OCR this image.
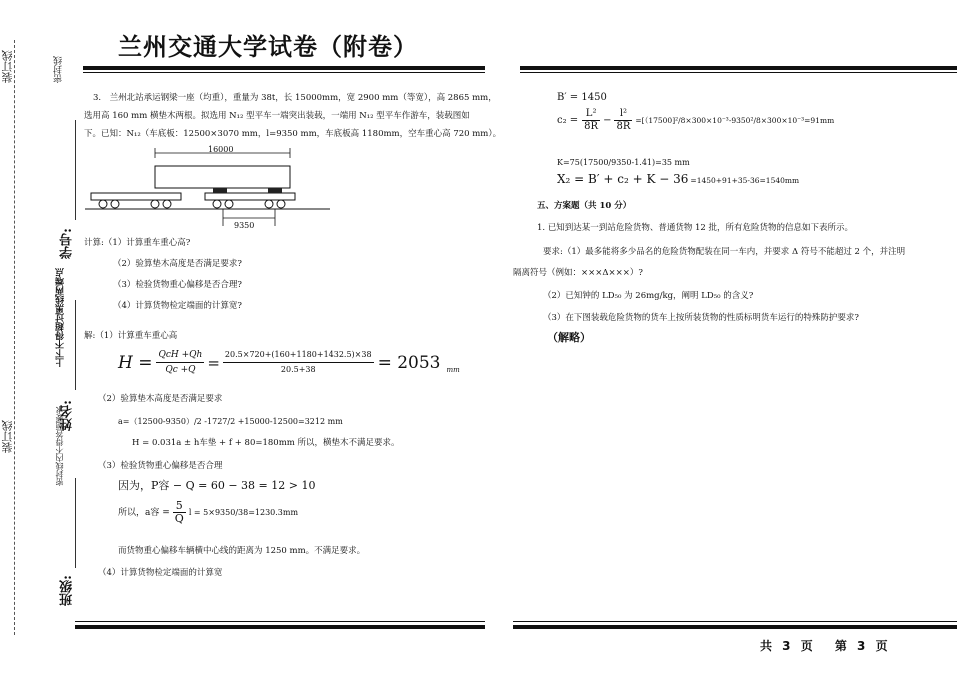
装订线
装订线
密封线
学号:
上下不得超过黑线两端点
密封线内不得答题要求
姓名:
班级:
兰州交通大学试卷（附卷）
3.　兰州北站承运钢梁一座（均重），重量为 38t，长 15000mm，宽 2900 mm（等宽），高 2865 mm，
选用高 160 mm 横垫木两根。拟选用 N₁₂ 型平车一端突出装载，一端用 N₁₂ 型平车作游车，装载图如
下。已知：N₁₂（车底板：12500×3070 mm，l=9350 mm，车底板高 1180mm，空车重心高 720 mm）。
16000
9350
计算:（1）计算重车重心高?
（2）验算垫木高度是否满足要求?
（3）检验货物重心偏移是否合理?
（4）计算货物检定端面的计算宽?
解:（1）计算重车重心高
$H = \frac{\text{QcH +Qh}}{Qc +Q} = \frac{20.5\times 720+(160+1180+1432.5)\times 38}{20.5+38} = 2053$ mm
（2）验算垫木高度是否满足要求
a=（12500-9350）/2 -1727/2 +15000-12500=3212 mm
H = 0.031a ± h车垫 + f + 80=180mm 所以，横垫木不满足要求。
（3）检验货物重心偏移是否合理
因为，P容 − Q = 60 − 38 = 12 > 10
所以，a容 = $\frac{5}{Q}$ l = 5×9350/38=1230.3mm
而货物重心偏移车辆横中心线的距离为 1250 mm。不满足要求。
（4）计算货物检定端面的计算宽
B′ = 1450
$c_2 = \frac{\text{L²}}{8R} - \frac{\text{l²}}{8R} =[(17500]^2/8\times 300\times 10^{-3}-9350^2/8\times 300\times 10^{-3}=91mm$
K=75(17500/9350-1.41)=35 mm
X₂ = B′ + c₂ + K − 36 =1450+91+35-36=1540mm
五、方案题（共 10 分）
1. 已知到达某一到站危险货物、普通货物 12 批，所有危险货物的信息如下表所示。
要求:（1）最多能将多少品名的危险货物配装在同一车内，并要求 Δ 符号不能超过 2 个，并注明
隔离符号（例如：×××Δ×××）?
（2）已知钟的 LD₅₀ 为 26mg/kg，阐明 LD₅₀ 的含义?
（3）在下图装载危险货物的货车上按所装货物的性质标明货车运行的特殊防护要求?
（解略）
共 3 页　 第 3 页
